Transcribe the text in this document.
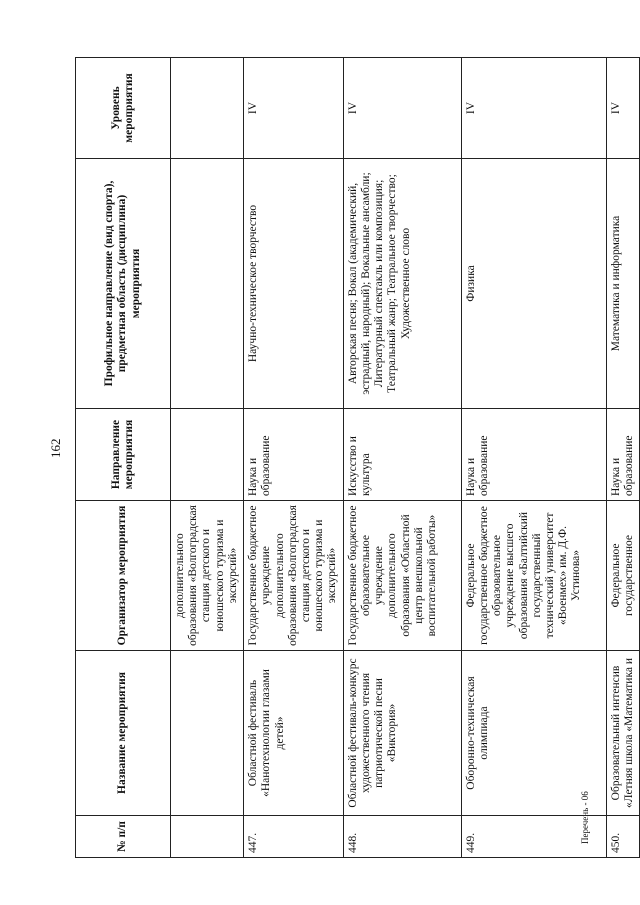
162
Перечень - 06
№ п/п	Название мероприятия	Организатор мероприятия	Направление мероприятия	Профильное направление (вид спорта), предметная область (дисциплина) мероприятия	Уровень мероприятия
		дополнительного образования «Волгоградская станция детского и юношеского туризма и экскурсий»			
447.	Областной фестиваль «Нанотехнологии глазами детей»	Государственное бюджетное учреждение дополнительного образования «Волгоградская станция детского и юношеского туризма и экскурсий»	Наука и образование	Научно-техническое творчество	IV
448.	Областной фестиваль-конкурс художественного чтения патриотической песни «Виктория»	Государственное бюджетное образовательное учреждение дополнительного образования «Областной центр внешкольной воспитательной работы»	Искусство и культура	Авторская песня; Вокал (академический, эстрадный, народный); Вокальные ансамбли; Литературный спектакль или композиция; Театральный жанр; Театральное творчество; Художественное слово	IV
449.	Оборонно-техническая олимпиада	Федеральное государственное бюджетное образовательное учреждение высшего образования «Балтийский государственный технический университет «Военмех» им. Д.Ф. Устинова»	Наука и образование	Физика	IV
450.	Образовательный интенсив «Летняя школа «Математика и	Федеральное государственное	Наука и образование	Математика и информатика	IV
